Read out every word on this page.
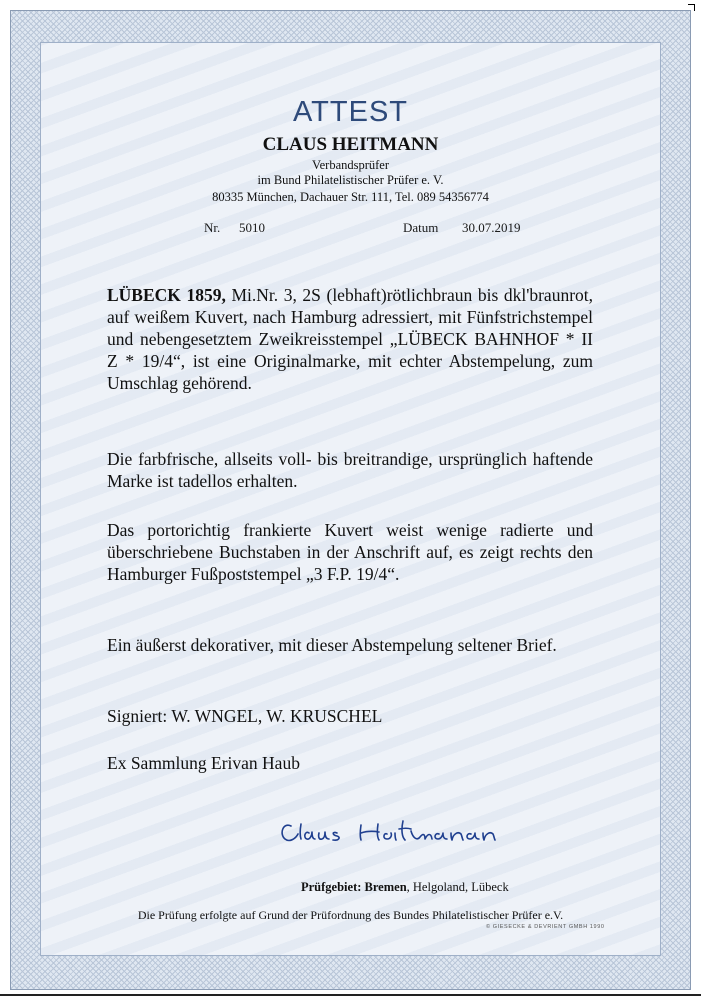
ATTEST
CLAUS HEITMANN
Verbandsprüfer
im Bund Philatelistischer Prüfer e. V.
80335 München, Dachauer Str. 111, Tel. 089 54356774
Nr. 5010	Datum 30.07.2019
LÜBECK 1859, Mi.Nr. 3, 2S (lebhaft)rötlichbraun bis dkl'braunrot, auf weißem Kuvert, nach Hamburg adressiert, mit Fünfstrichstempel und nebengesetztem Zweikreisstempel „LÜBECK BAHNHOF * II Z * 19/4“, ist eine Originalmarke, mit echter Abstempelung, zum Umschlag gehörend.
Die farbfrische, allseits voll- bis breitrandige, ursprünglich haftende Marke ist tadellos erhalten.
Das portorichtig frankierte Kuvert weist wenige radierte und überschriebene Buchstaben in der Anschrift auf, es zeigt rechts den Hamburger Fußpoststempel „3 F.P. 19/4“.
Ein äußerst dekorativer, mit dieser Abstempelung seltener Brief.
Signiert: W. WNGEL, W. KRUSCHEL
Ex Sammlung Erivan Haub
Prüfgebiet: Bremen, Helgoland, Lübeck
Die Prüfung erfolgte auf Grund der Prüfordnung des Bundes Philatelistischer Prüfer e.V.
© GIESECKE & DEVRIENT GMBH 1990
